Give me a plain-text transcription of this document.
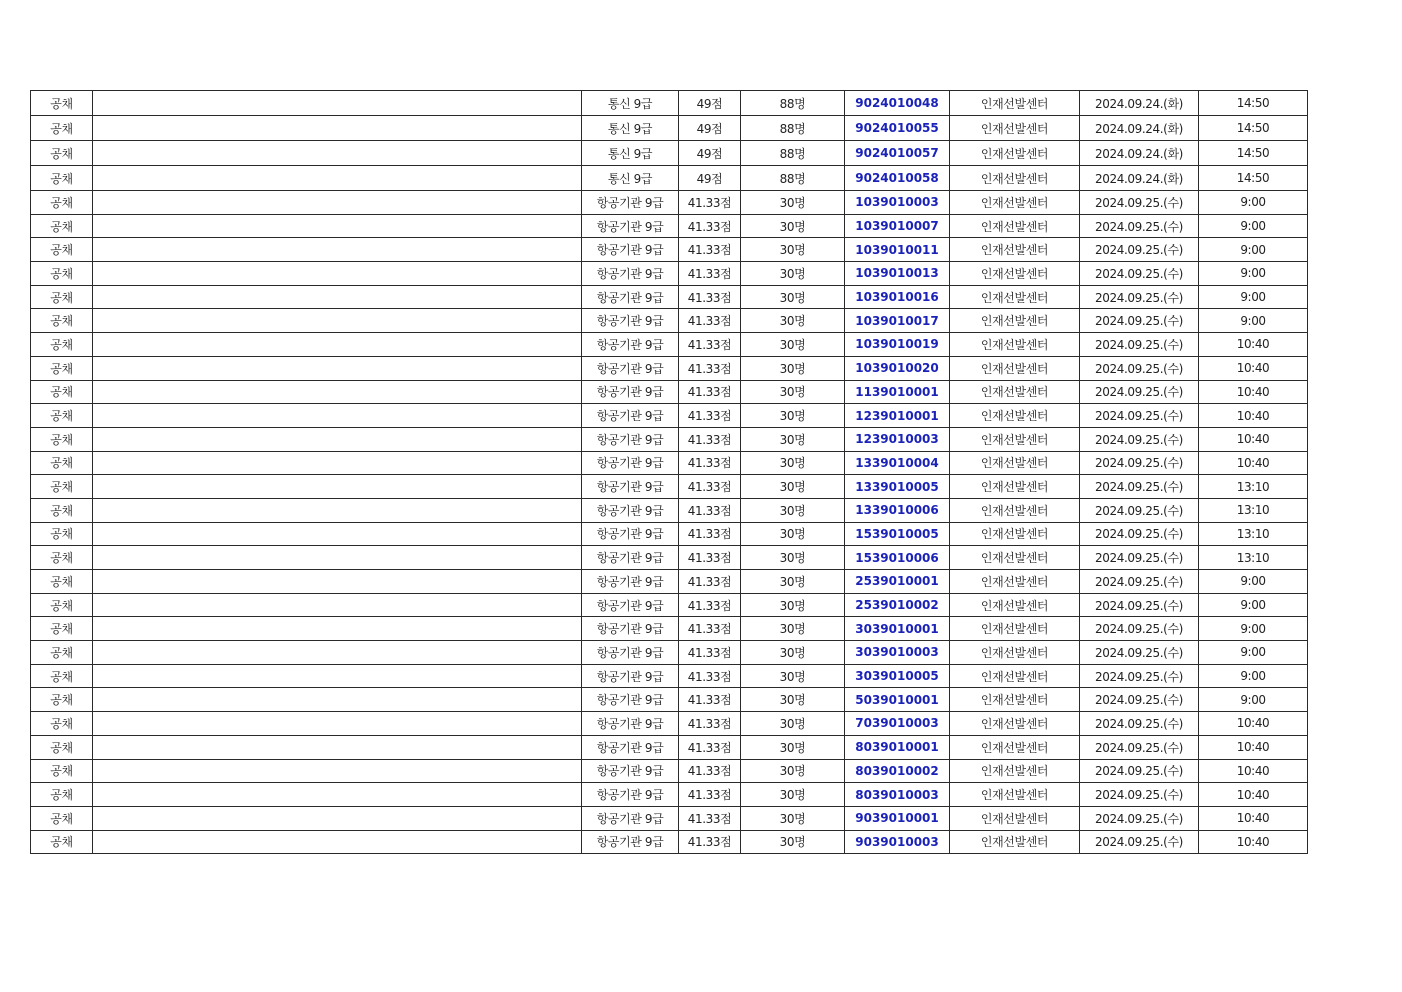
공채		통신 9급	49점	88명	9024010048	인재선발센터	2024.09.24.(화)	14:50
공채		통신 9급	49점	88명	9024010055	인재선발센터	2024.09.24.(화)	14:50
공채		통신 9급	49점	88명	9024010057	인재선발센터	2024.09.24.(화)	14:50
공채		통신 9급	49점	88명	9024010058	인재선발센터	2024.09.24.(화)	14:50
공채		항공기관 9급	41.33점	30명	1039010003	인재선발센터	2024.09.25.(수)	9:00
공채		항공기관 9급	41.33점	30명	1039010007	인재선발센터	2024.09.25.(수)	9:00
공채		항공기관 9급	41.33점	30명	1039010011	인재선발센터	2024.09.25.(수)	9:00
공채		항공기관 9급	41.33점	30명	1039010013	인재선발센터	2024.09.25.(수)	9:00
공채		항공기관 9급	41.33점	30명	1039010016	인재선발센터	2024.09.25.(수)	9:00
공채		항공기관 9급	41.33점	30명	1039010017	인재선발센터	2024.09.25.(수)	9:00
공채		항공기관 9급	41.33점	30명	1039010019	인재선발센터	2024.09.25.(수)	10:40
공채		항공기관 9급	41.33점	30명	1039010020	인재선발센터	2024.09.25.(수)	10:40
공채		항공기관 9급	41.33점	30명	1139010001	인재선발센터	2024.09.25.(수)	10:40
공채		항공기관 9급	41.33점	30명	1239010001	인재선발센터	2024.09.25.(수)	10:40
공채		항공기관 9급	41.33점	30명	1239010003	인재선발센터	2024.09.25.(수)	10:40
공채		항공기관 9급	41.33점	30명	1339010004	인재선발센터	2024.09.25.(수)	10:40
공채		항공기관 9급	41.33점	30명	1339010005	인재선발센터	2024.09.25.(수)	13:10
공채		항공기관 9급	41.33점	30명	1339010006	인재선발센터	2024.09.25.(수)	13:10
공채		항공기관 9급	41.33점	30명	1539010005	인재선발센터	2024.09.25.(수)	13:10
공채		항공기관 9급	41.33점	30명	1539010006	인재선발센터	2024.09.25.(수)	13:10
공채		항공기관 9급	41.33점	30명	2539010001	인재선발센터	2024.09.25.(수)	9:00
공채		항공기관 9급	41.33점	30명	2539010002	인재선발센터	2024.09.25.(수)	9:00
공채		항공기관 9급	41.33점	30명	3039010001	인재선발센터	2024.09.25.(수)	9:00
공채		항공기관 9급	41.33점	30명	3039010003	인재선발센터	2024.09.25.(수)	9:00
공채		항공기관 9급	41.33점	30명	3039010005	인재선발센터	2024.09.25.(수)	9:00
공채		항공기관 9급	41.33점	30명	5039010001	인재선발센터	2024.09.25.(수)	9:00
공채		항공기관 9급	41.33점	30명	7039010003	인재선발센터	2024.09.25.(수)	10:40
공채		항공기관 9급	41.33점	30명	8039010001	인재선발센터	2024.09.25.(수)	10:40
공채		항공기관 9급	41.33점	30명	8039010002	인재선발센터	2024.09.25.(수)	10:40
공채		항공기관 9급	41.33점	30명	8039010003	인재선발센터	2024.09.25.(수)	10:40
공채		항공기관 9급	41.33점	30명	9039010001	인재선발센터	2024.09.25.(수)	10:40
공채		항공기관 9급	41.33점	30명	9039010003	인재선발센터	2024.09.25.(수)	10:40
